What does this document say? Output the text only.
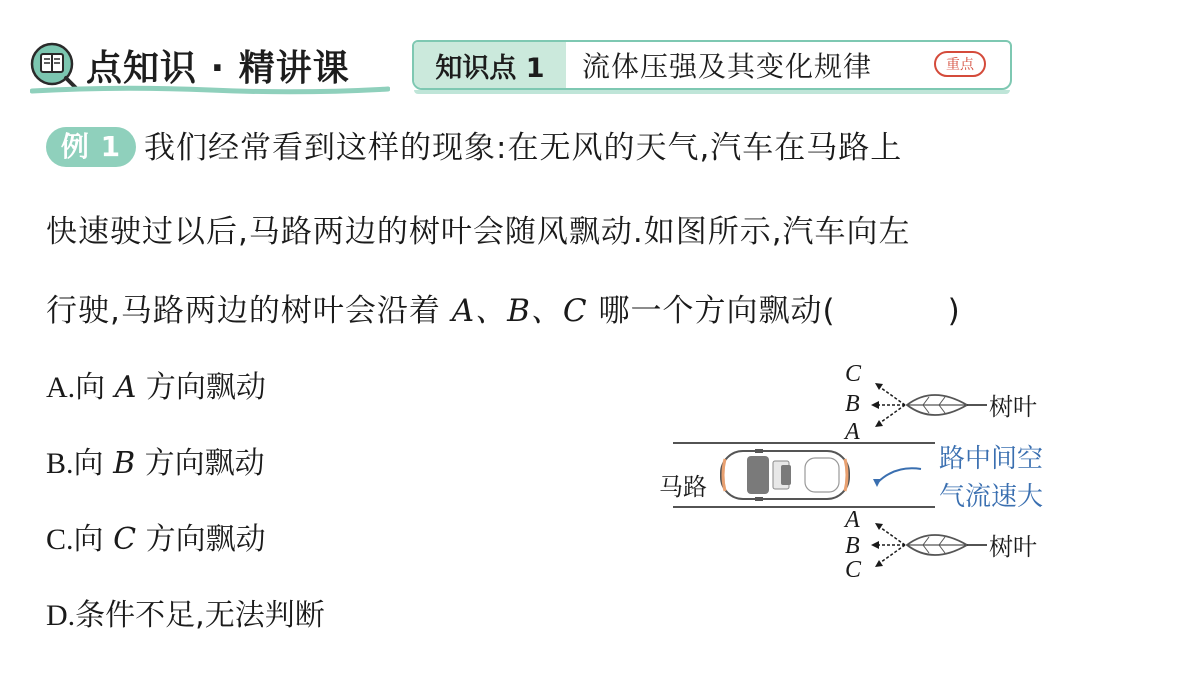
点知识 · 精讲课	知识点 1	流体压强及其变化规律	重点
例 1 我们经常看到这样的现象:在无风的天气,汽车在马路上
快速驶过以后,马路两边的树叶会随风飘动.如图所示,汽车向左
行驶,马路两边的树叶会沿着 A、B、C 哪一个方向飘动(	)
A.向 A 方向飘动
B.向 B 方向飘动
C.向 C 方向飘动
D.条件不足,无法判断
C
B
A
树叶
马路
路中间空
气流速大
A
B
C
树叶
